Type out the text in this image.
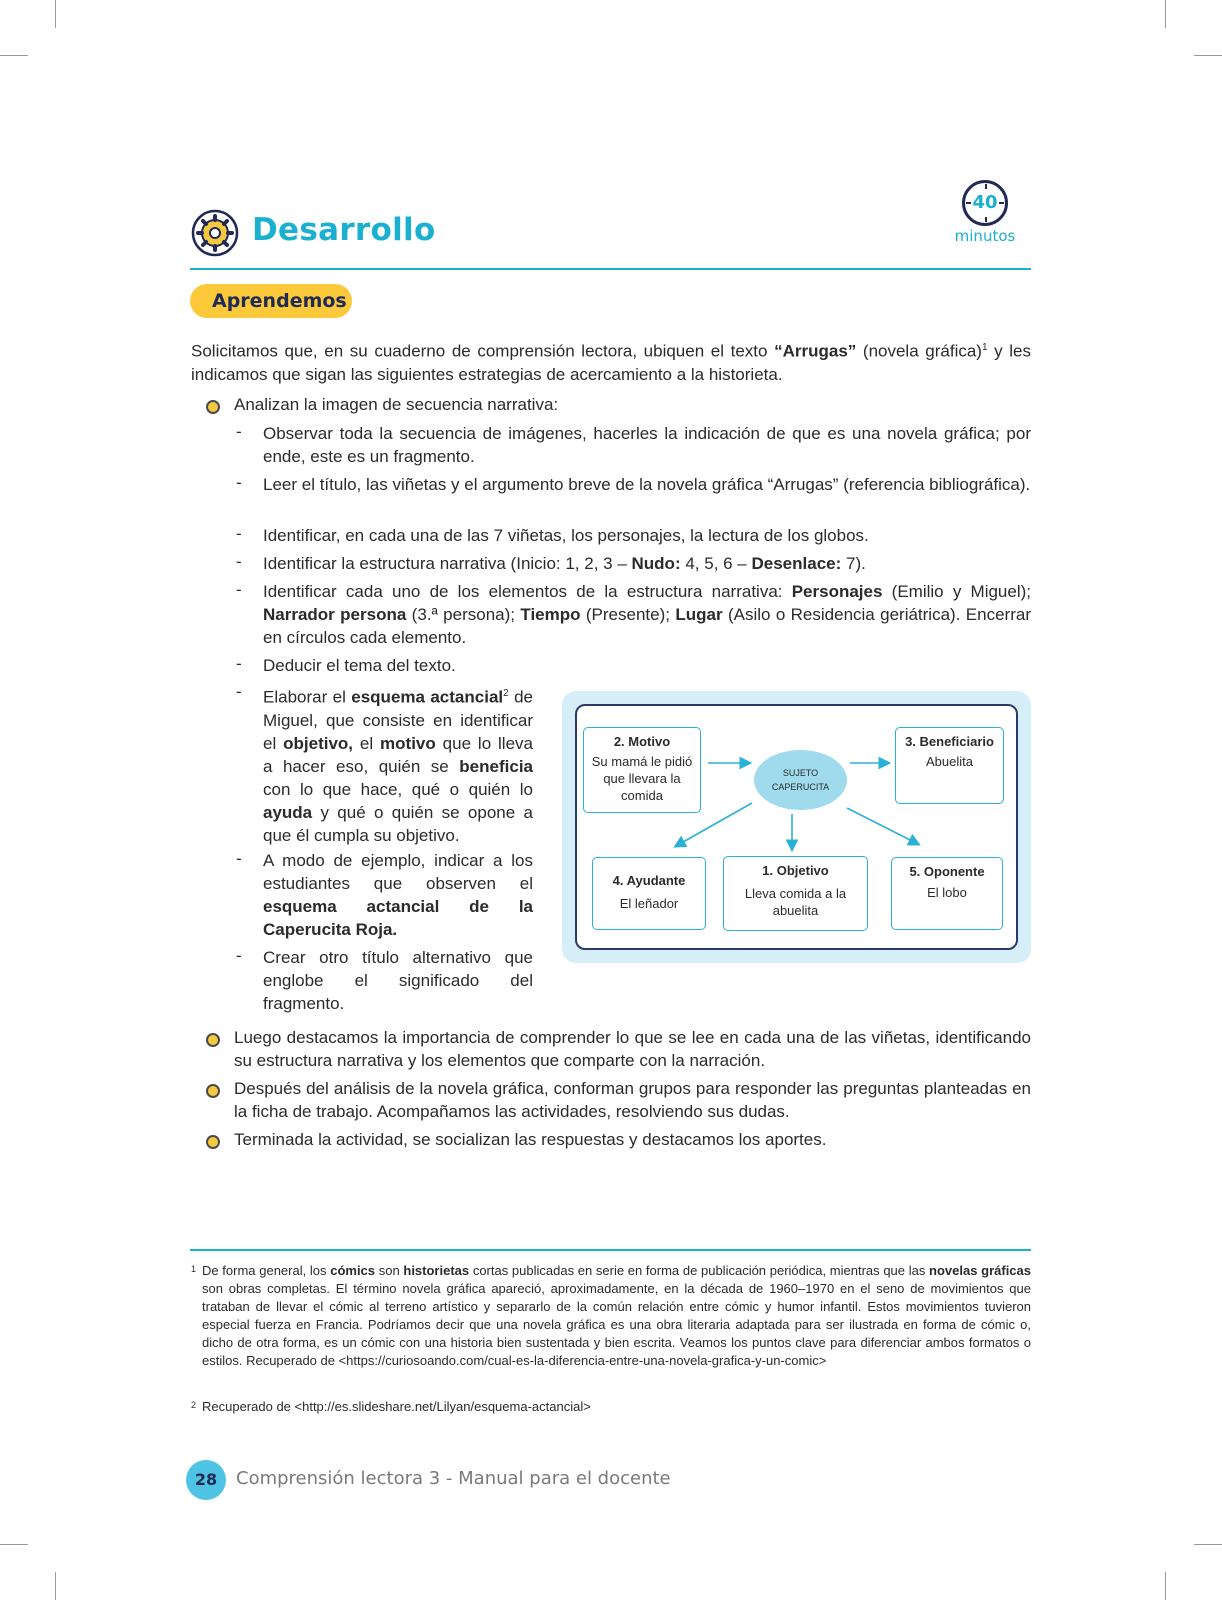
Desarrollo
40
minutos
Aprendemos
Solicitamos que, en su cuaderno de comprensión lectora, ubiquen el texto “Arrugas” (novela gráfica)$^1$ y les indicamos que sigan las siguientes estrategias de acercamiento a la historieta.
Analizan la imagen de secuencia narrativa:
- Observar toda la secuencia de imágenes, hacerles la indicación de que es una novela gráfica; por ende, este es un fragmento.
- Leer el título, las viñetas y el argumento breve de la novela gráfica “Arrugas” (referencia bibliográfica).
- Identificar, en cada una de las 7 viñetas, los personajes, la lectura de los globos.
- Identificar la estructura narrativa (Inicio: 1, 2, 3 – Nudo: 4, 5, 6 – Desenlace: 7).
- Identificar cada uno de los elementos de la estructura narrativa: Personajes (Emilio y Miguel); Narrador persona (3.ª persona); Tiempo (Presente); Lugar (Asilo o Residencia geriátrica). Encerrar en círculos cada elemento.
- Deducir el tema del texto.
- Elaborar el esquema actancial$^2$ de Miguel, que consiste en identificar el objetivo, el motivo que lo lleva a hacer eso, quién se beneficia con lo que hace, qué o quién lo ayuda y qué o quién se opone a que él cumpla su objetivo.
- A modo de ejemplo, indicar a los estudiantes que observen el esquema actancial de la Caperucita Roja.
- Crear otro título alternativo que englobe el significado del fragmento.
2. Motivo
Su mamá le pidió que llevara la comida
SUJETO
CAPERUCITA
3. Beneficiario
Abuelita
4. Ayudante
El leñador
1. Objetivo
Lleva comida a la abuelita
5. Oponente
El lobo
Luego destacamos la importancia de comprender lo que se lee en cada una de las viñetas, identificando su estructura narrativa y los elementos que comparte con la narración.
Después del análisis de la novela gráfica, conforman grupos para responder las preguntas planteadas en la ficha de trabajo. Acompañamos las actividades, resolviendo sus dudas.
Terminada la actividad, se socializan las respuestas y destacamos los aportes.
$^1$ De forma general, los cómics son historietas cortas publicadas en serie en forma de publicación periódica, mientras que las novelas gráficas son obras completas. El término novela gráfica apareció, aproximadamente, en la década de 1960–1970 en el seno de movimientos que trataban de llevar el cómic al terreno artístico y separarlo de la común relación entre cómic y humor infantil. Estos movimientos tuvieron especial fuerza en Francia. Podríamos decir que una novela gráfica es una obra literaria adaptada para ser ilustrada en forma de cómic o, dicho de otra forma, es un cómic con una historia bien sustentada y bien escrita. Veamos los puntos clave para diferenciar ambos formatos o estilos. Recuperado de <https://curiosoando.com/cual-es-la-diferencia-entre-una-novela-grafica-y-un-comic>
$^2$ Recuperado de <http://es.slideshare.net/Lilyan/esquema-actancial>
28	Comprensión lectora 3 - Manual para el docente
